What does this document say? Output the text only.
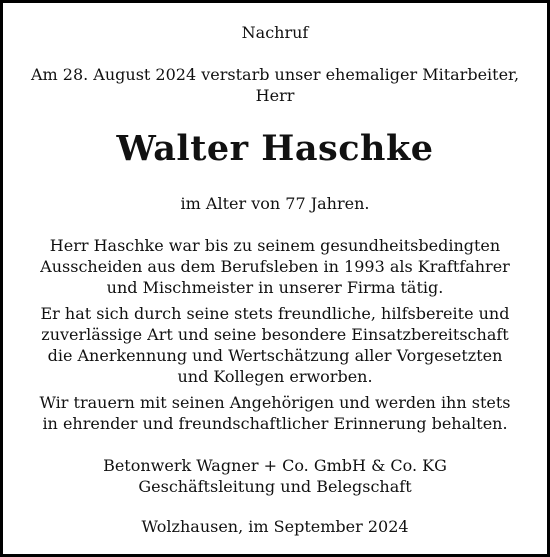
Nachruf
Am 28. August 2024 verstarb unser ehemaliger Mitarbeiter,
Herr
Walter Haschke
im Alter von 77 Jahren.
Herr Haschke war bis zu seinem gesundheitsbedingten
Ausscheiden aus dem Berufsleben in 1993 als Kraftfahrer
und Mischmeister in unserer Firma tätig.
Er hat sich durch seine stets freundliche, hilfsbereite und
zuverlässige Art und seine besondere Einsatzbereitschaft
die Anerkennung und Wertschätzung aller Vorgesetzten
und Kollegen erworben.
Wir trauern mit seinen Angehörigen und werden ihn stets
in ehrender und freundschaftlicher Erinnerung behalten.
Betonwerk Wagner + Co. GmbH & Co. KG
Geschäftsleitung und Belegschaft
Wolzhausen, im September 2024
